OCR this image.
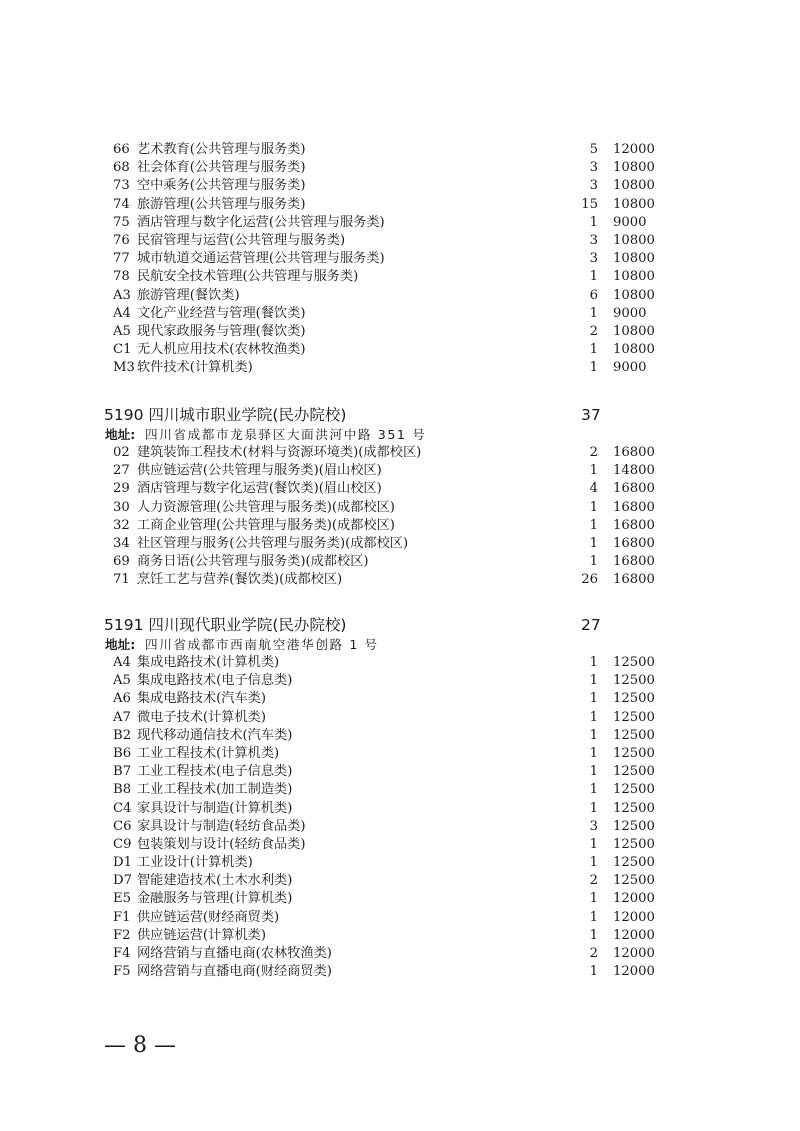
66 艺术教育(公共管理与服务类)	5 12000
68 社会体育(公共管理与服务类)	3 10800
73 空中乘务(公共管理与服务类)	3 10800
74 旅游管理(公共管理与服务类)	15 10800
75 酒店管理与数字化运营(公共管理与服务类)	1 9000
76 民宿管理与运营(公共管理与服务类)	3 10800
77 城市轨道交通运营管理(公共管理与服务类)	3 10800
78 民航安全技术管理(公共管理与服务类)	1 10800
A3 旅游管理(餐饮类)	6 10800
A4 文化产业经营与管理(餐饮类)	1 9000
A5 现代家政服务与管理(餐饮类)	2 10800
C1 无人机应用技术(农林牧渔类)	1 10800
M3 软件技术(计算机类)	1 9000
5190 四川城市职业学院(民办院校)	37
地址: 四川省成都市龙泉驿区大面洪河中路 351 号
02 建筑装饰工程技术(材料与资源环境类)(成都校区)	2 16800
27 供应链运营(公共管理与服务类)(眉山校区)	1 14800
29 酒店管理与数字化运营(餐饮类)(眉山校区)	4 16800
30 人力资源管理(公共管理与服务类)(成都校区)	1 16800
32 工商企业管理(公共管理与服务类)(成都校区)	1 16800
34 社区管理与服务(公共管理与服务类)(成都校区)	1 16800
69 商务日语(公共管理与服务类)(成都校区)	1 16800
71 烹饪工艺与营养(餐饮类)(成都校区)	26 16800
5191 四川现代职业学院(民办院校)	27
地址: 四川省成都市西南航空港华创路 1 号
A4 集成电路技术(计算机类)	1 12500
A5 集成电路技术(电子信息类)	1 12500
A6 集成电路技术(汽车类)	1 12500
A7 微电子技术(计算机类)	1 12500
B2 现代移动通信技术(汽车类)	1 12500
B6 工业工程技术(计算机类)	1 12500
B7 工业工程技术(电子信息类)	1 12500
B8 工业工程技术(加工制造类)	1 12500
C4 家具设计与制造(计算机类)	1 12500
C6 家具设计与制造(轻纺食品类)	3 12500
C9 包装策划与设计(轻纺食品类)	1 12500
D1 工业设计(计算机类)	1 12500
D7 智能建造技术(土木水利类)	2 12500
E5 金融服务与管理(计算机类)	1 12000
F1 供应链运营(财经商贸类)	1 12000
F2 供应链运营(计算机类)	1 12000
F4 网络营销与直播电商(农林牧渔类)	2 12000
F5 网络营销与直播电商(财经商贸类)	1 12000
— 8 —
